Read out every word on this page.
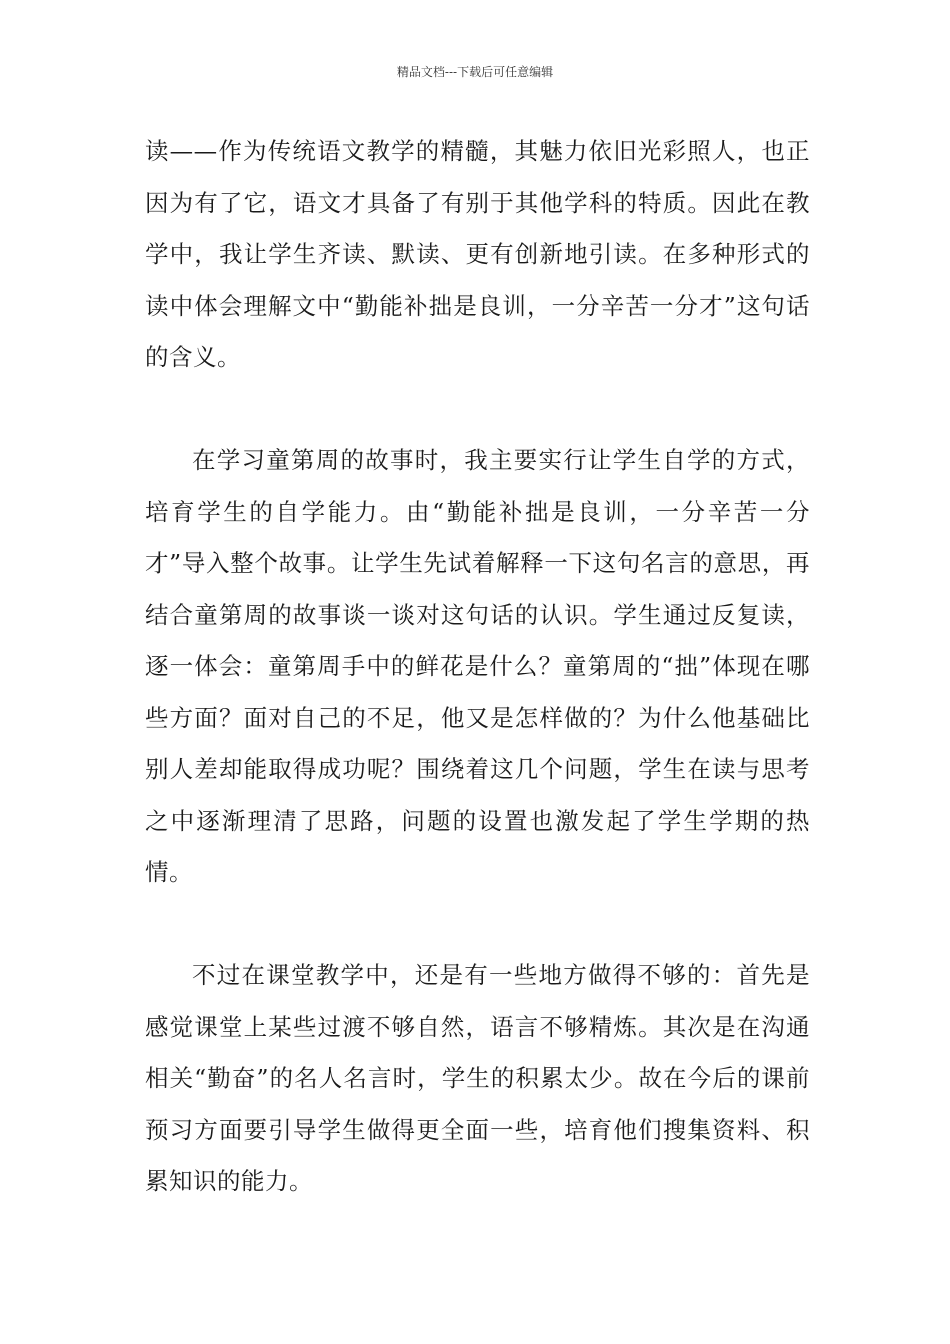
精品文档---下载后可任意编辑

读——作为传统语文教学的精髓，其魅力依旧光彩照人，也正因为有了它，语文才具备了有别于其他学科的特质。因此在教学中，我让学生齐读、默读、更有创新地引读。在多种形式的读中体会理解文中“勤能补拙是良训，一分辛苦一分才”这句话的含义。

在学习童第周的故事时，我主要实行让学生自学的方式，培育学生的自学能力。由“勤能补拙是良训，一分辛苦一分才”导入整个故事。让学生先试着解释一下这句名言的意思，再结合童第周的故事谈一谈对这句话的认识。学生通过反复读，逐一体会：童第周手中的鲜花是什么？童第周的“拙”体现在哪些方面？面对自己的不足，他又是怎样做的？为什么他基础比别人差却能取得成功呢？围绕着这几个问题，学生在读与思考之中逐渐理清了思路，问题的设置也激发起了学生学期的热情。

不过在课堂教学中，还是有一些地方做得不够的：首先是感觉课堂上某些过渡不够自然，语言不够精炼。其次是在沟通相关“勤奋”的名人名言时，学生的积累太少。故在今后的课前预习方面要引导学生做得更全面一些，培育他们搜集资料、积累知识的能力。
